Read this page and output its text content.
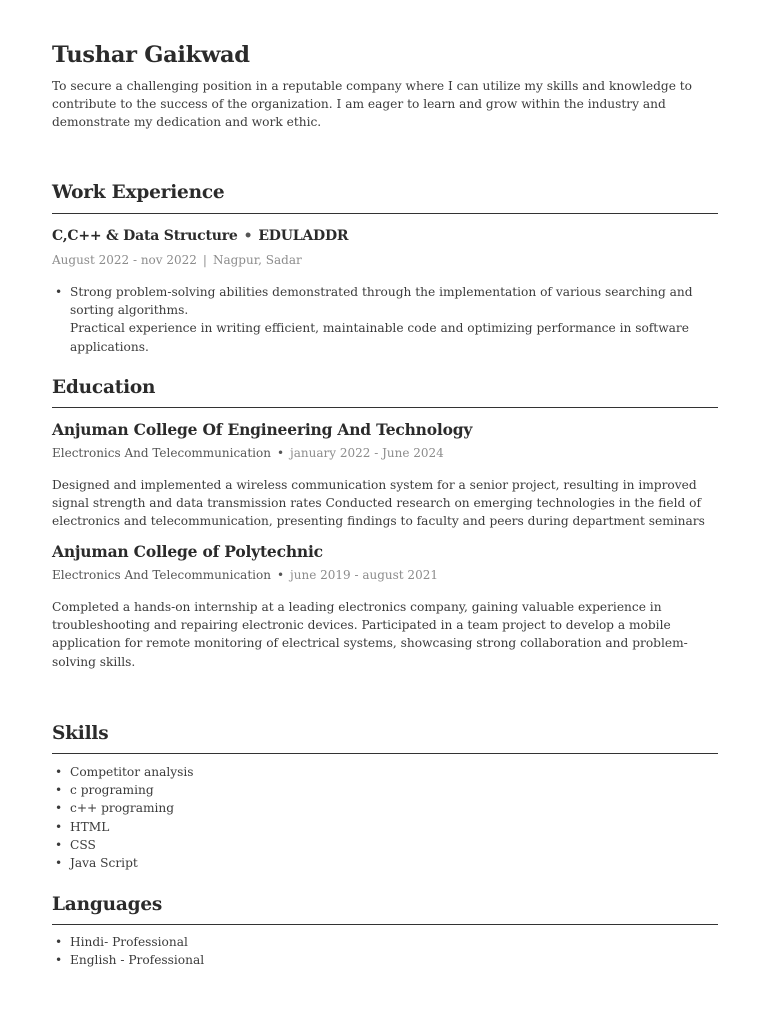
Tushar Gaikwad
To secure a challenging position in a reputable company where I can utilize my skills and knowledge to contribute to the success of the organization. I am eager to learn and grow within the industry and demonstrate my dedication and work ethic.
Work Experience
C,C++ & Data Structure • EDULADDR
August 2022 - nov 2022 | Nagpur, Sadar
• Strong problem-solving abilities demonstrated through the implementation of various searching and sorting algorithms.
Practical experience in writing efficient, maintainable code and optimizing performance in software applications.
Education
Anjuman College Of Engineering And Technology
Electronics And Telecommunication • january 2022 - June 2024
Designed and implemented a wireless communication system for a senior project, resulting in improved signal strength and data transmission rates Conducted research on emerging technologies in the field of electronics and telecommunication, presenting findings to faculty and peers during department seminars
Anjuman College of Polytechnic
Electronics And Telecommunication • june 2019 - august 2021
Completed a hands-on internship at a leading electronics company, gaining valuable experience in troubleshooting and repairing electronic devices. Participated in a team project to develop a mobile application for remote monitoring of electrical systems, showcasing strong collaboration and problem-solving skills.
Skills
• Competitor analysis
• c programing
• c++ programing
• HTML
• CSS
• Java Script
Languages
• Hindi- Professional
• English - Professional
